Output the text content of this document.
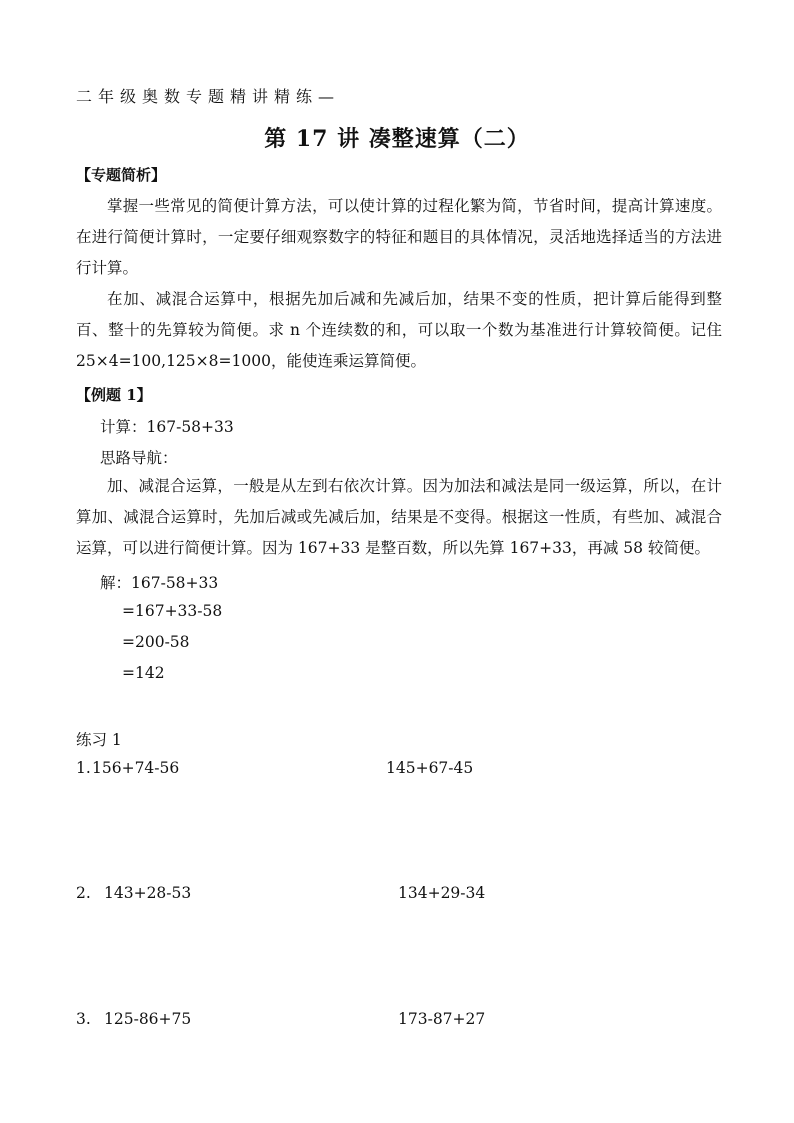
二年级奥数专题精讲精练—
第 17 讲 凑整速算（二）
【专题简析】
掌握一些常见的简便计算方法，可以使计算的过程化繁为简，节省时间，提高计算速度。在进行简便计算时，一定要仔细观察数字的特征和题目的具体情况，灵活地选择适当的方法进行计算。
在加、减混合运算中，根据先加后减和先减后加，结果不变的性质，把计算后能得到整百、整十的先算较为简便。求 n 个连续数的和，可以取一个数为基准进行计算较简便。记住 25×4=100,125×8=1000，能使连乘运算简便。
【例题 1】
计算：167-58+33
思路导航：
加、减混合运算，一般是从左到右依次计算。因为加法和减法是同一级运算，所以，在计算加、减混合运算时，先加后减或先减后加，结果是不变得。根据这一性质，有些加、减混合运算，可以进行简便计算。因为 167+33 是整百数，所以先算 167+33，再减 58 较简便。
解：167-58+33
=167+33-58
=200-58
=142
练习 1
1. 156+74-56	145+67-45
2. 143+28-53	134+29-34
3. 125-86+75	173-87+27
